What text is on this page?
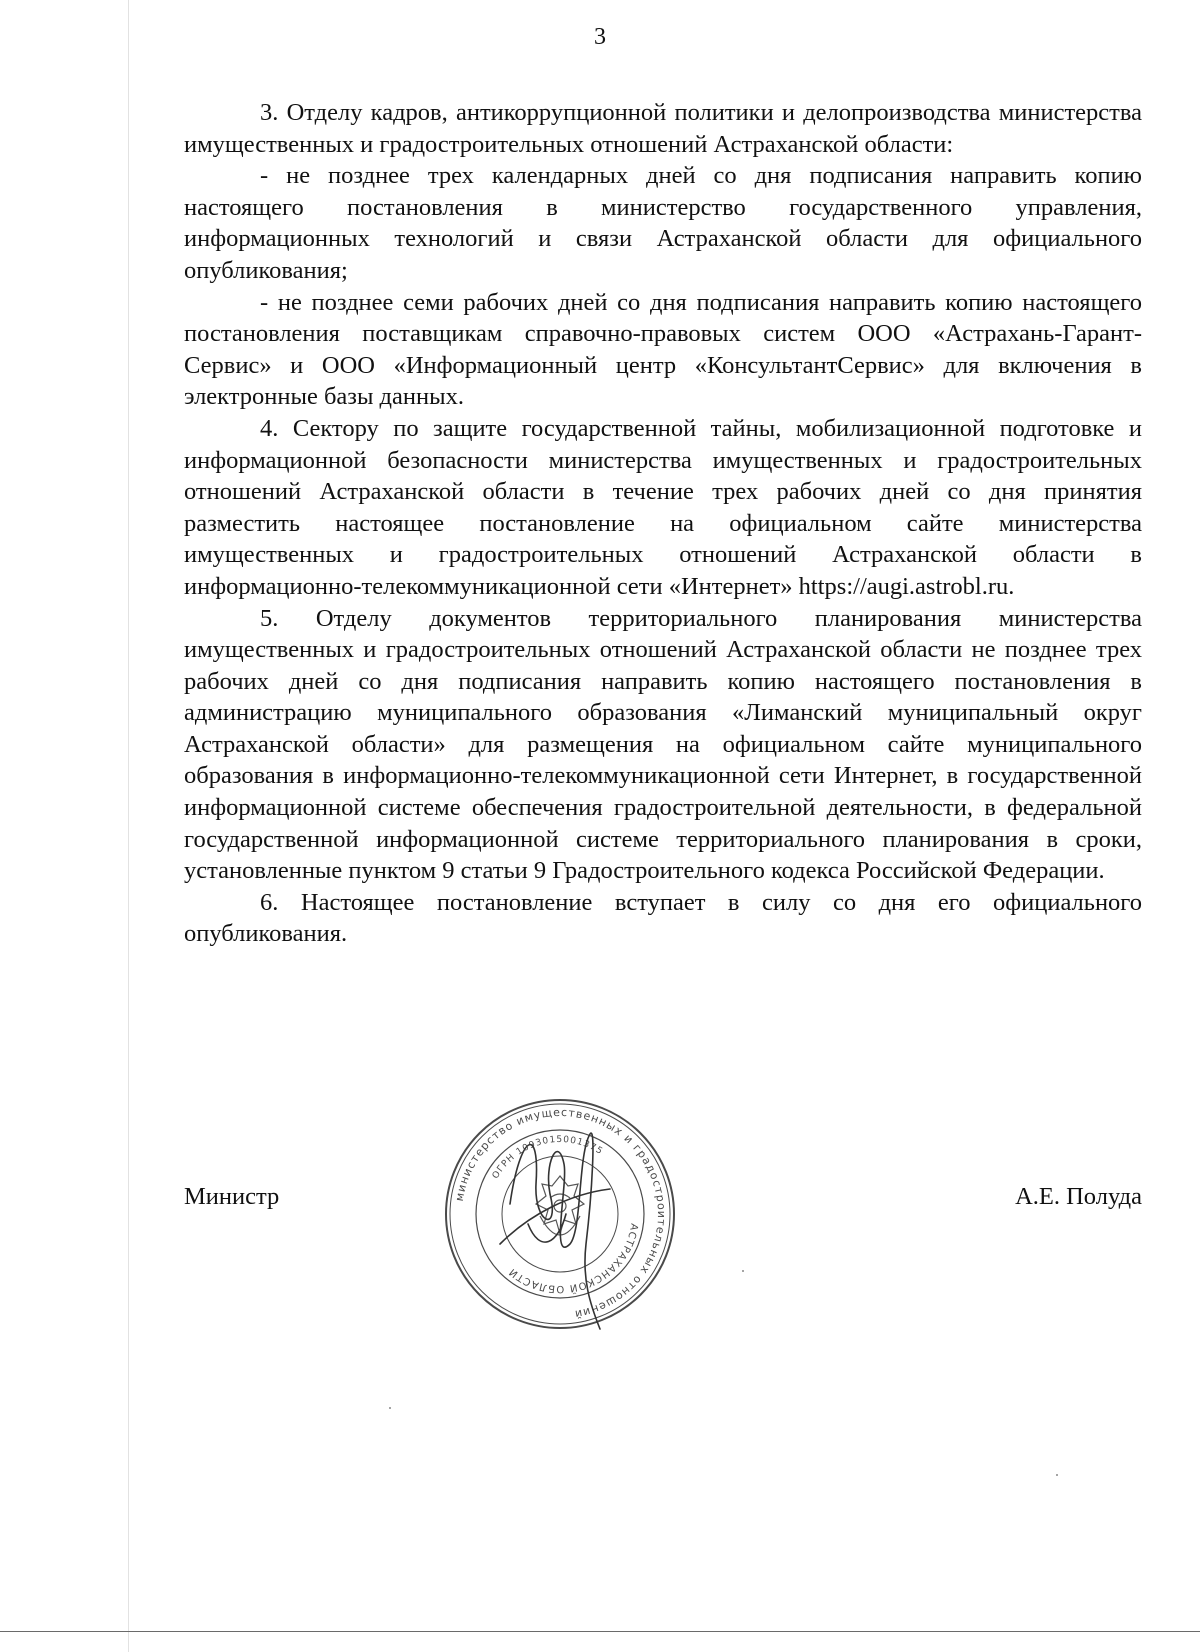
3

3. Отделу кадров, антикоррупционной политики и делопроизводства министерства имущественных и градостроительных отношений Астраханской области:

- не позднее трех календарных дней со дня подписания направить копию настоящего постановления в министерство государственного управления, информационных технологий и связи Астраханской области для официального опубликования;

- не позднее семи рабочих дней со дня подписания направить копию настоящего постановления поставщикам справочно-правовых систем ООО «Астрахань-Гарант-Сервис» и ООО «Информационный центр «КонсультантСервис» для включения в электронные базы данных.

4. Сектору по защите государственной тайны, мобилизационной подготовке и информационной безопасности министерства имущественных и градостроительных отношений Астраханской области в течение трех рабочих дней со дня принятия разместить настоящее постановление на официальном сайте министерства имущественных и градостроительных отношений Астраханской области в информационно-телекоммуникационной сети «Интернет» https://augi.astrobl.ru.

5. Отделу документов территориального планирования министерства имущественных и градостроительных отношений Астраханской области не позднее трех рабочих дней со дня подписания направить копию настоящего постановления в администрацию муниципального образования «Лиманский муниципальный округ Астраханской области» для размещения на официальном сайте муниципального образования в информационно-телекоммуникационной сети Интернет, в государственной информационной системе обеспечения градостроительной деятельности, в федеральной государственной информационной системе территориального планирования в сроки, установленные пунктом 9 статьи 9 Градостроительного кодекса Российской Федерации.

6. Настоящее постановление вступает в силу со дня его официального опубликования.

Министр	А.Е. Полуда
министерство имущественных и градостроительных отношений
АСТРАХАНСКОЙ ОБЛАСТИ
ОГРН 1093015001375
